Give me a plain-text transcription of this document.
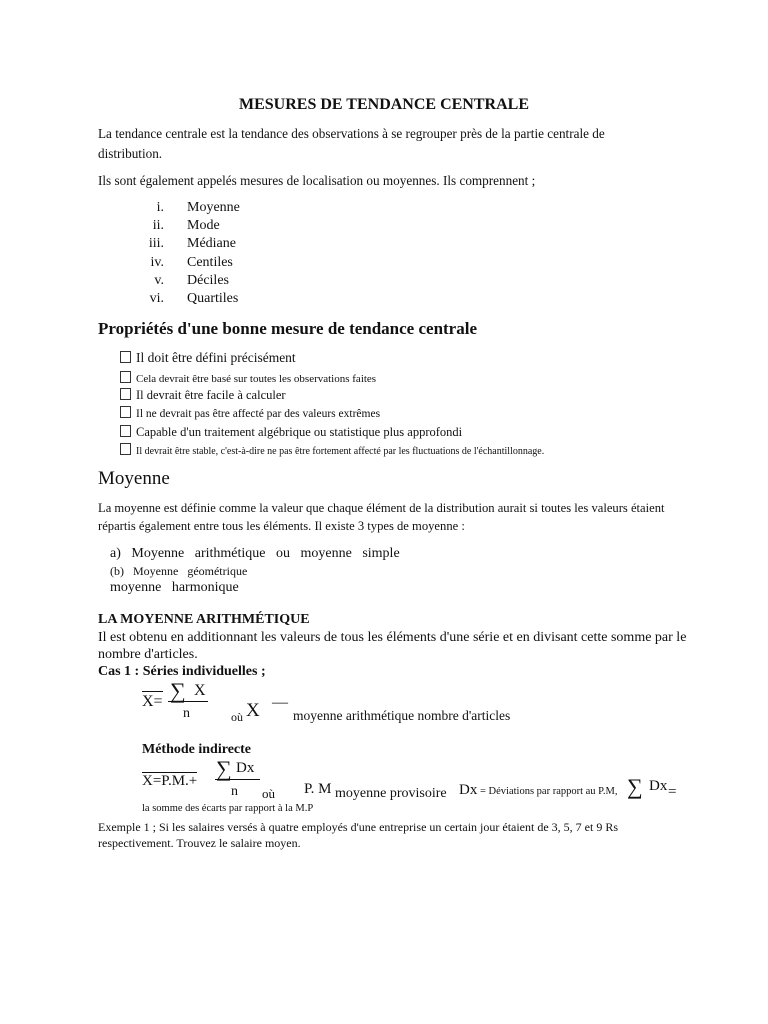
MESURES DE TENDANCE CENTRALE
La tendance centrale est la tendance des observations à se regrouper près de la partie centrale de
distribution.
Ils sont également appelés mesures de localisation ou moyennes. Ils comprennent ;
i. Moyenne
ii. Mode
iii. Médiane
iv. Centiles
v. Déciles
vi. Quartiles
Propriétés d'une bonne mesure de tendance centrale
Il doit être défini précisément
Cela devrait être basé sur toutes les observations faites
Il devrait être facile à calculer
Il ne devrait pas être affecté par des valeurs extrêmes
Capable d'un traitement algébrique ou statistique plus approfondi
Il devrait être stable, c'est-à-dire ne pas être fortement affecté par les fluctuations de l'échantillonnage.
Moyenne
La moyenne est définie comme la valeur que chaque élément de la distribution aurait si toutes les valeurs étaient
répartis également entre tous les éléments. Il existe 3 types de moyenne :
a)   Moyenne   arithmétique   ou   moyenne   simple
(b)   Moyenne   géométrique
moyenne   harmonique
LA MOYENNE ARITHMÉTIQUE
Il est obtenu en additionnant les valeurs de tous les éléments d'une série et en divisant cette somme par le
nombre d'articles.
Cas 1 : Séries individuelles ;
X= ∑ X
n	où X —
moyenne arithmétique nombre d'articles
Méthode indirecte
X=P.M.+ ∑ Dx
n où P. M moyenne provisoire Dx = Déviations par rapport au P.M, ∑ Dx =
la somme des écarts par rapport à la M.P
Exemple 1 ; Si les salaires versés à quatre employés d'une entreprise un certain jour étaient de 3, 5, 7 et 9 Rs
respectivement. Trouvez le salaire moyen.
